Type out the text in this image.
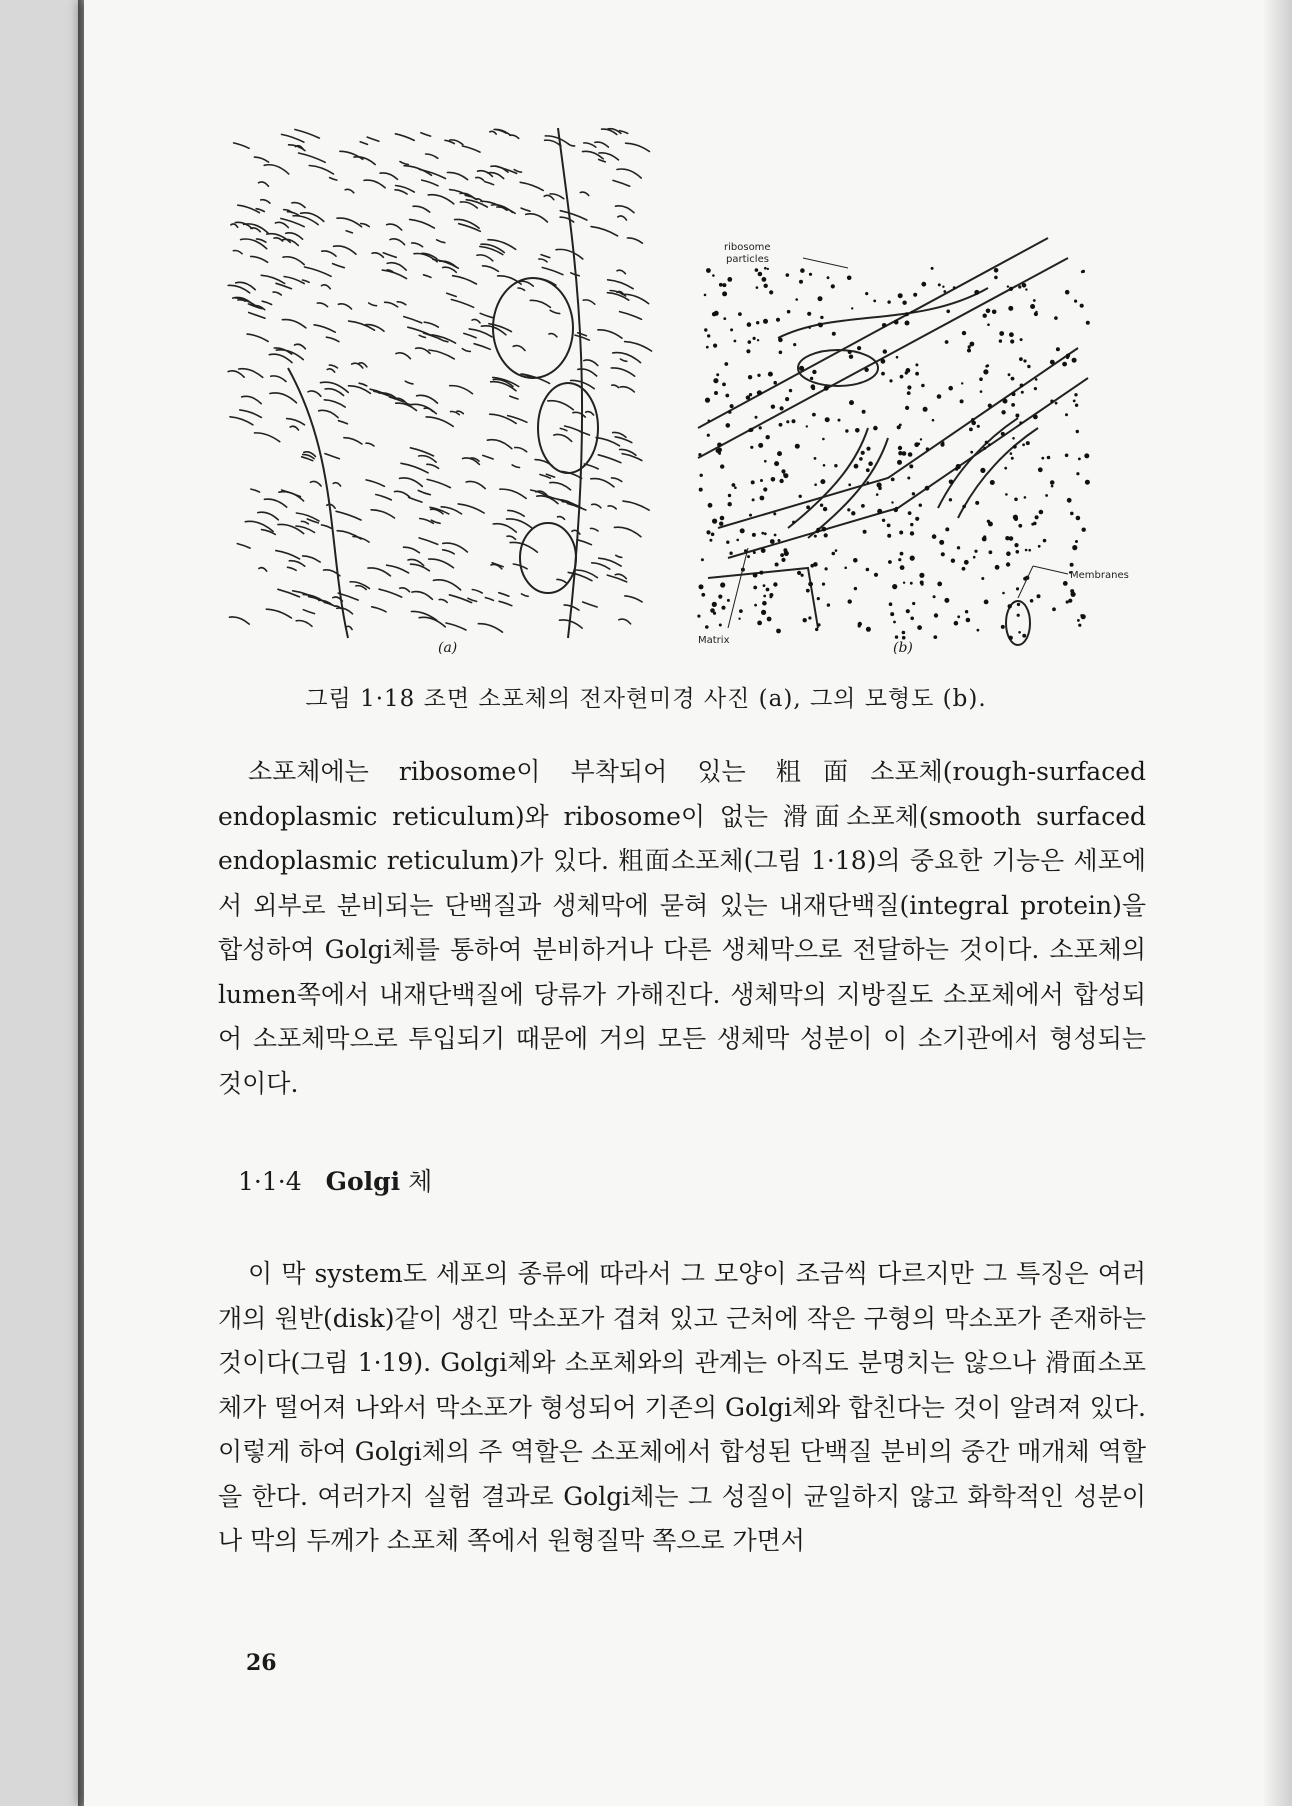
(a)
ribosome
particles
Membranes
Matrix	(b)
그림 1·18 조면 소포체의 전자현미경 사진 (a), 그의 모형도 (b).

소포체에는 ribosome이 부착되어 있는 粗面소포체(rough-surfaced endoplasmic reticulum)와 ribosome이 없는 滑面소포체(smooth surfaced endoplasmic reticulum)가 있다. 粗面소포체(그림 1·18)의 중요한 기능은 세포에서 외부로 분비되는 단백질과 생체막에 묻혀 있는 내재단백질(integral protein)을 합성하여 Golgi체를 통하여 분비하거나 다른 생체막으로 전달하는 것이다. 소포체의 lumen쪽에서 내재단백질에 당류가 가해진다. 생체막의 지방질도 소포체에서 합성되어 소포체막으로 투입되기 때문에 거의 모든 생체막 성분이 이 소기관에서 형성되는 것이다.

1·1·4 Golgi 체

이 막 system도 세포의 종류에 따라서 그 모양이 조금씩 다르지만 그 특징은 여러 개의 원반(disk)같이 생긴 막소포가 겹쳐 있고 근처에 작은 구형의 막소포가 존재하는 것이다(그림 1·19). Golgi체와 소포체와의 관계는 아직도 분명치는 않으나 滑面소포체가 떨어져 나와서 막소포가 형성되어 기존의 Golgi체와 합친다는 것이 알려져 있다. 이렇게 하여 Golgi체의 주 역할은 소포체에서 합성된 단백질 분비의 중간 매개체 역할을 한다. 여러가지 실험 결과로 Golgi체는 그 성질이 균일하지 않고 화학적인 성분이나 막의 두께가 소포체 쪽에서 원형질막 쪽으로 가면서

26
